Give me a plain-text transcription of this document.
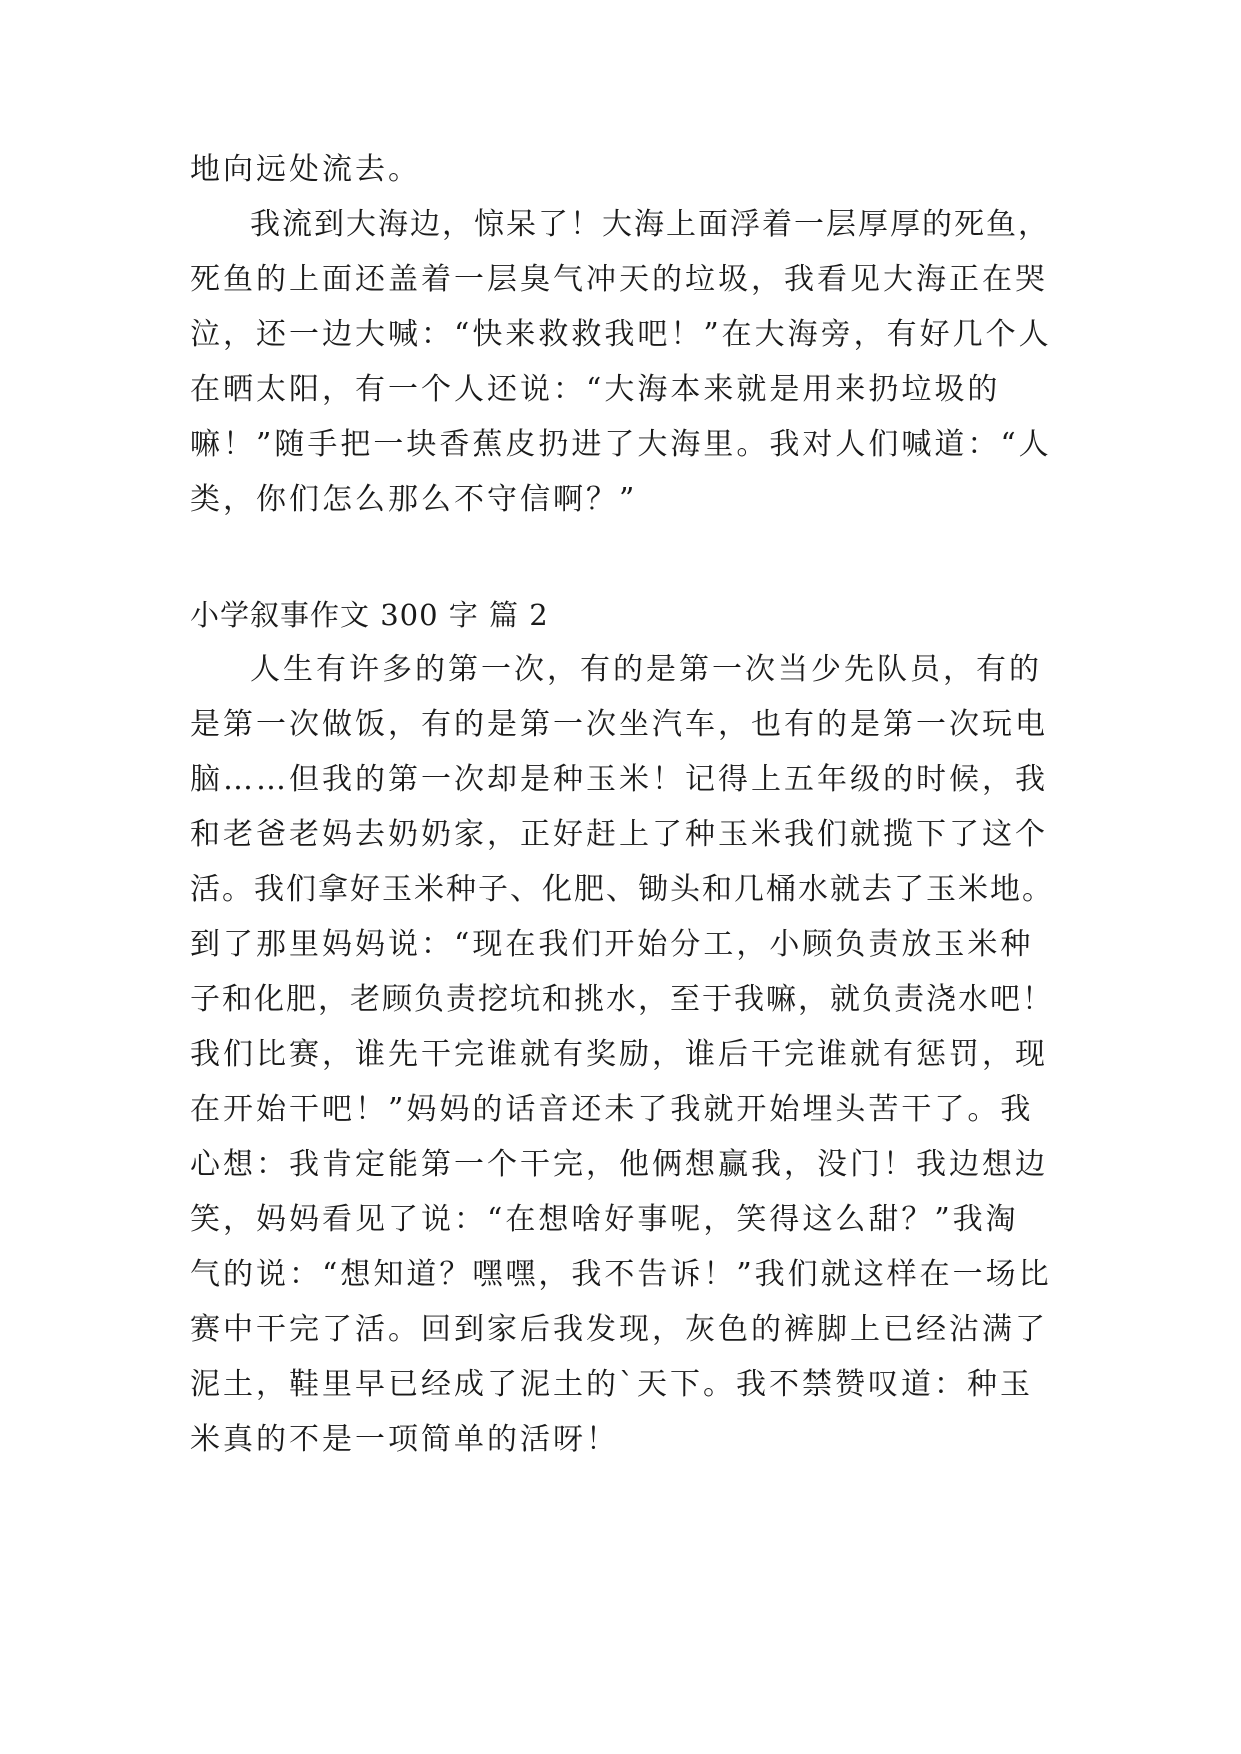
地向远处流去。
我流到大海边，惊呆了！大海上面浮着一层厚厚的死鱼，
死鱼的上面还盖着一层臭气冲天的垃圾，我看见大海正在哭
泣，还一边大喊：“快来救救我吧！”在大海旁，有好几个人
在晒太阳，有一个人还说：“大海本来就是用来扔垃圾的
嘛！”随手把一块香蕉皮扔进了大海里。我对人们喊道：“人
类，你们怎么那么不守信啊？”
小学叙事作文 300 字 篇 2
人生有许多的第一次，有的是第一次当少先队员，有的
是第一次做饭，有的是第一次坐汽车，也有的是第一次玩电
脑……但我的第一次却是种玉米！记得上五年级的时候，我
和老爸老妈去奶奶家，正好赶上了种玉米我们就揽下了这个
活。我们拿好玉米种子、化肥、锄头和几桶水就去了玉米地。
到了那里妈妈说：“现在我们开始分工，小顾负责放玉米种
子和化肥，老顾负责挖坑和挑水，至于我嘛，就负责浇水吧！
我们比赛，谁先干完谁就有奖励，谁后干完谁就有惩罚，现
在开始干吧！”妈妈的话音还未了我就开始埋头苦干了。我
心想：我肯定能第一个干完，他俩想赢我，没门！我边想边
笑，妈妈看见了说：“在想啥好事呢，笑得这么甜？”我淘
气的说：“想知道？嘿嘿，我不告诉！”我们就这样在一场比
赛中干完了活。回到家后我发现，灰色的裤脚上已经沾满了
泥土，鞋里早已经成了泥土的`天下。我不禁赞叹道：种玉
米真的不是一项简单的活呀！
